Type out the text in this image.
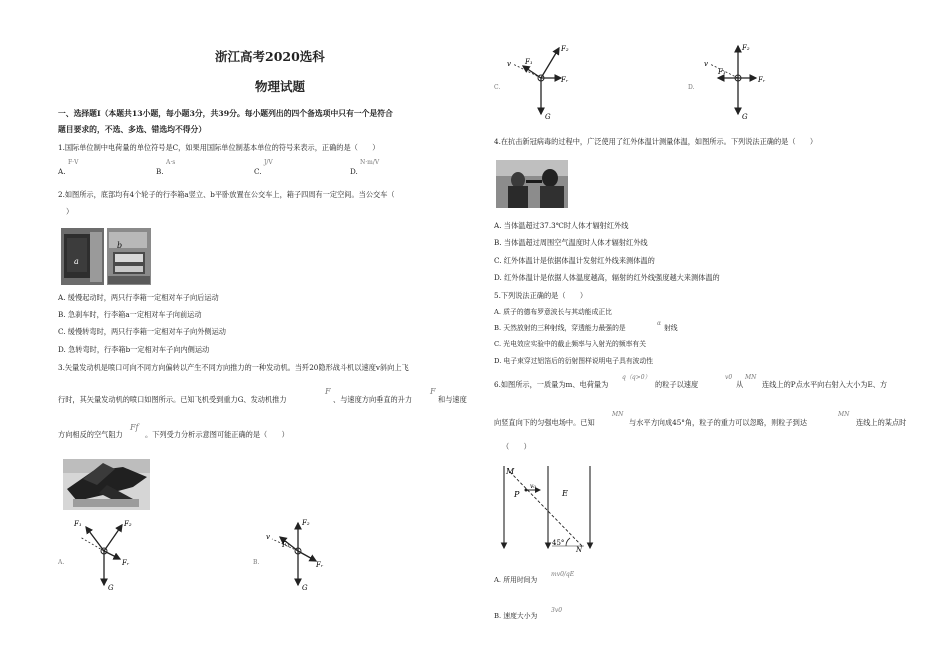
浙江高考2020选科
物理试题
一、选择题Ⅰ（本题共13小题，每小题3分，共39分。每小题列出的四个备选项中只有一个是符合
题目要求的，不选、多选、错选均不得分）
1.国际单位制中电荷量的单位符号是C，如果用国际单位制基本单位的符号来表示，正确的是（　　）
F·V
A.
A·s
B.
J/V
C.
N·m/V
D.
2.如图所示，底部均有4个轮子的行李箱a竖立、b平卧放置在公交车上，箱子四周有一定空间。当公交车（
）
a
b
A. 缓慢起动时，两只行李箱一定相对车子向后运动
B. 急刹车时，行李箱a一定相对车子向前运动
C. 缓慢转弯时，两只行李箱一定相对车子向外侧运动
D. 急转弯时，行李箱b一定相对车子向内侧运动
3.矢量发动机是喷口可向不同方向偏转以产生不同方向推力的一种发动机。当歼20隐形战斗机以速度v斜向上飞
行时，其矢量发动机的喷口如图所示。已知飞机受到重力G、发动机推力
F
、与速度方向垂直的升力
F
和与速度
方向相反的空气阻力
Ff
。下列受力分析示意图可能正确的是（　　）
F₁	F₂
Fᵣ
G
A.
F₂
v
F₁
Fᵣ
G
B.
F₂
v F₁
Fᵣ
G
C.
F₂
v
F₁
Fᵣ
G
D.
4.在抗击新冠病毒的过程中，广泛使用了红外体温计测量体温，如图所示。下列说法正确的是（　　）
A. 当体温超过37.3℃时人体才辐射红外线
B. 当体温超过周围空气温度时人体才辐射红外线
C. 红外体温计是依据体温计发射红外线来测体温的
D. 红外体温计是依据人体温度越高，辐射的红外线强度越大来测体温的
5.下列说法正确的是（　　）
A. 质子的德布罗意波长与其动能成正比
B. 天然放射的三种射线，穿透能力最强的是
α
射线
C. 光电效应实验中的截止频率与入射光的频率有关
D. 电子束穿过铝箔后的衍射图样说明电子具有波动性
6.如图所示，一质量为m、电荷量为
q（q>0）
的粒子以速度
v0
从
MN
连线上的P点水平向右射入大小为E、方
向竖直向下的匀强电场中。已知
MN
与水平方向成45°角，粒子的重力可以忽略，则粒子到达
MN
连线上的某点时
（　　）
M
P
v₀
E
45°
N
A. 所用时间为
mv0/qE
B. 速度大小为
3v0
